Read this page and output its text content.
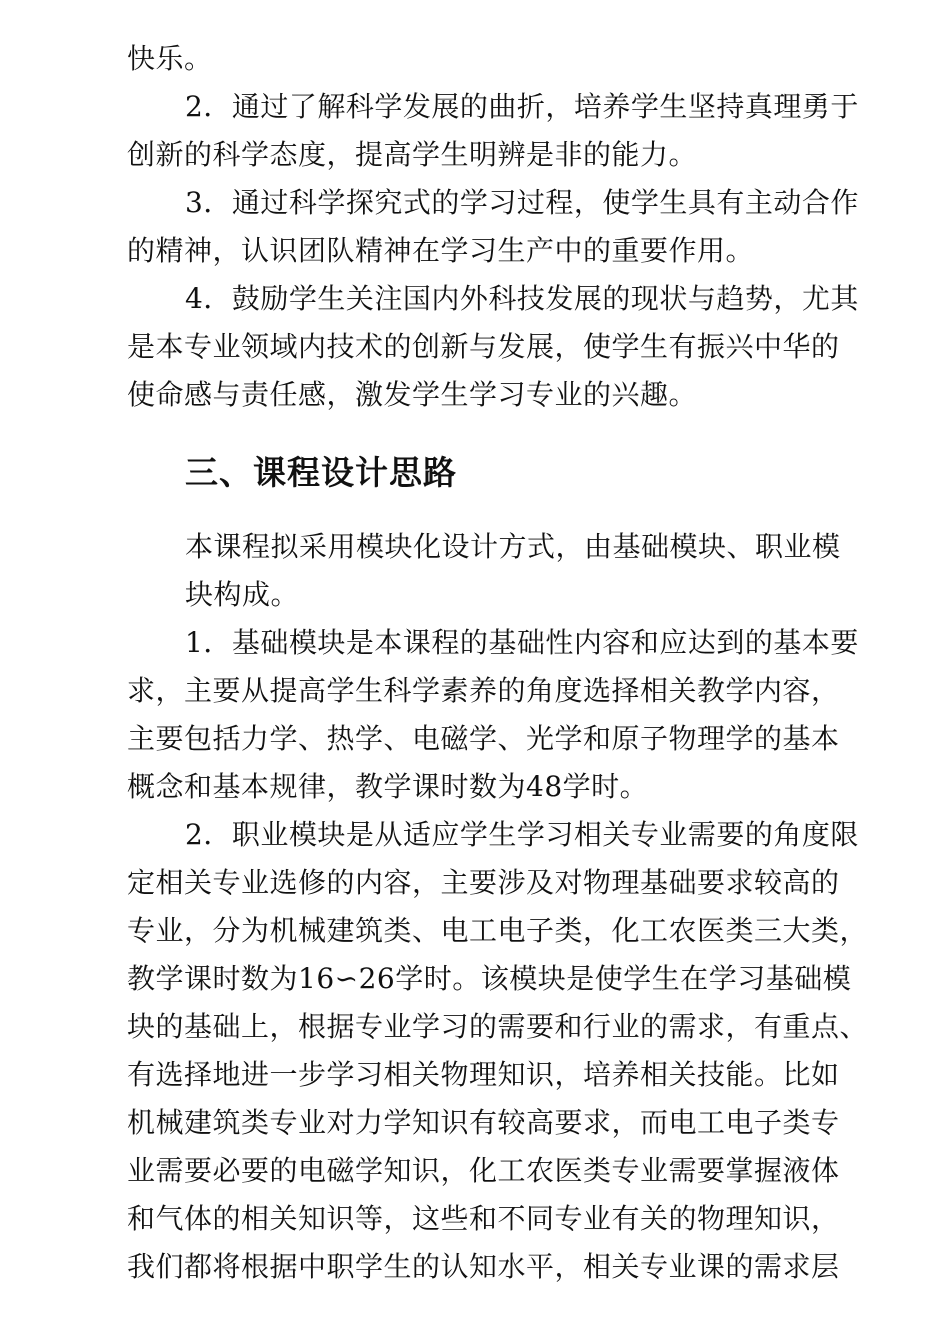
快乐。
2．通过了解科学发展的曲折，培养学生坚持真理勇于
创新的科学态度，提高学生明辨是非的能力。
3．通过科学探究式的学习过程，使学生具有主动合作
的精神，认识团队精神在学习生产中的重要作用。
4．鼓励学生关注国内外科技发展的现状与趋势，尤其
是本专业领域内技术的创新与发展，使学生有振兴中华的
使命感与责任感，激发学生学习专业的兴趣。
三、课程设计思路
本课程拟采用模块化设计方式，由基础模块、职业模
块构成。
1．基础模块是本课程的基础性内容和应达到的基本要
求，主要从提高学生科学素养的角度选择相关教学内容，
主要包括力学、热学、电磁学、光学和原子物理学的基本
概念和基本规律，教学课时数为48学时。
2．职业模块是从适应学生学习相关专业需要的角度限
定相关专业选修的内容，主要涉及对物理基础要求较高的
专业，分为机械建筑类、电工电子类，化工农医类三大类，
教学课时数为16∽26学时。该模块是使学生在学习基础模
块的基础上，根据专业学习的需要和行业的需求，有重点、
有选择地进一步学习相关物理知识，培养相关技能。比如
机械建筑类专业对力学知识有较高要求，而电工电子类专
业需要必要的电磁学知识，化工农医类专业需要掌握液体
和气体的相关知识等，这些和不同专业有关的物理知识，
我们都将根据中职学生的认知水平，相关专业课的需求层
